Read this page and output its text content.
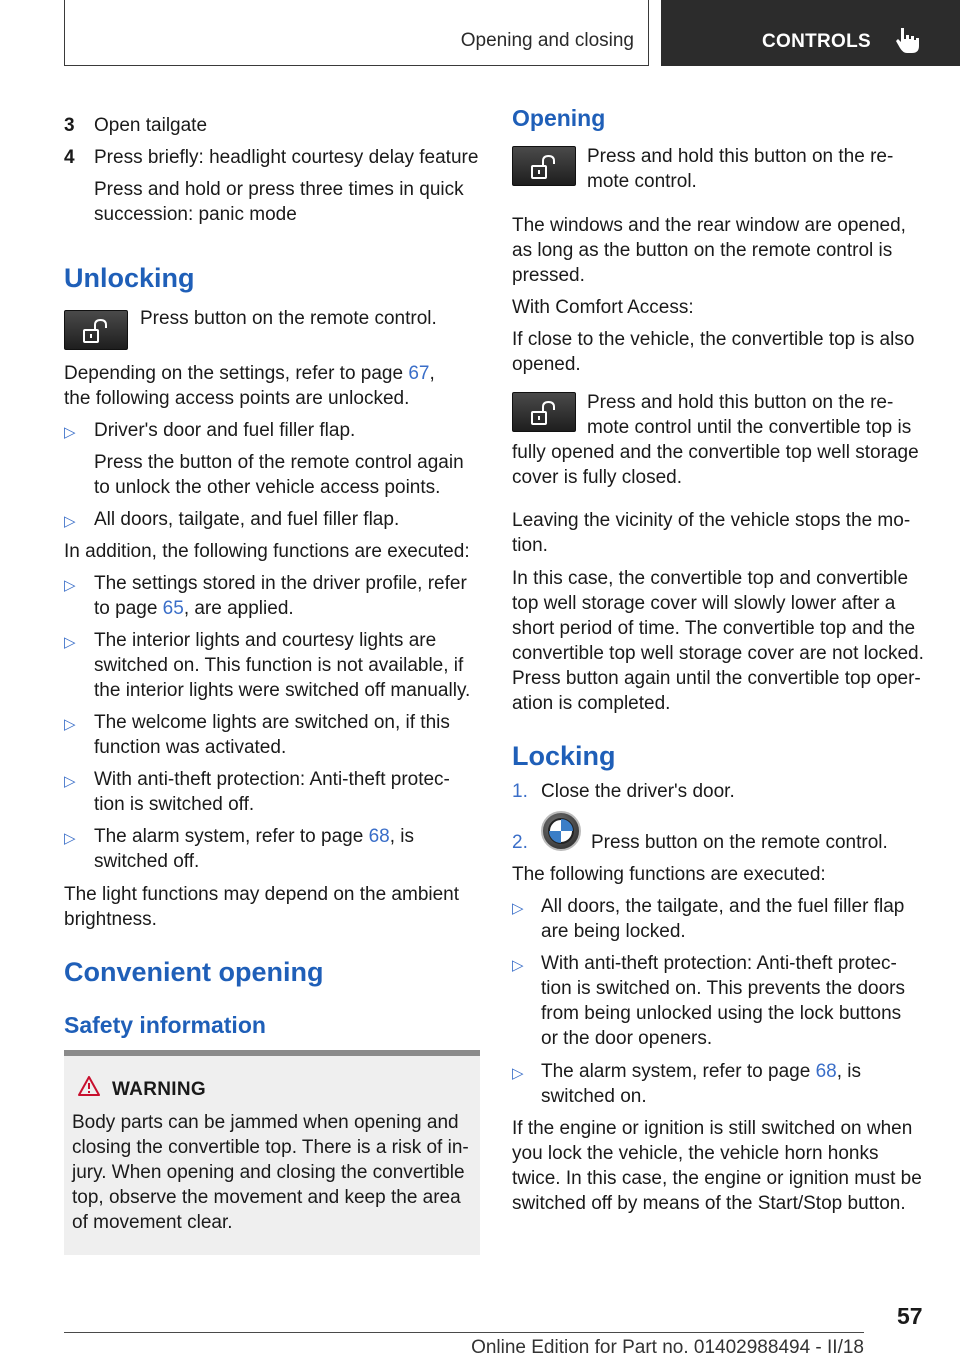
Opening and closing	CONTROLS
3 Open tailgate
4 Press briefly: headlight courtesy delay feature
Press and hold or press three times in quick
succession: panic mode
Unlocking
Press button on the remote control.
Depending on the settings, refer to page 67,
the following access points are unlocked.
▷ Driver's door and fuel filler flap.
Press the button of the remote control again
to unlock the other vehicle access points.
▷ All doors, tailgate, and fuel filler flap.
In addition, the following functions are executed:
▷ The settings stored in the driver profile, refer
to page 65, are applied.
▷ The interior lights and courtesy lights are
switched on. This function is not available, if
the interior lights were switched off manually.
▷ The welcome lights are switched on, if this
function was activated.
▷ With anti-theft protection: Anti-theft protec-
tion is switched off.
▷ The alarm system, refer to page 68, is
switched off.
The light functions may depend on the ambient
brightness.
Convenient opening
Safety information
WARNING
Body parts can be jammed when opening and
closing the convertible top. There is a risk of in-
jury. When opening and closing the convertible
top, observe the movement and keep the area
of movement clear.
Opening
Press and hold this button on the re-
mote control.
The windows and the rear window are opened,
as long as the button on the remote control is
pressed.
With Comfort Access:
If close to the vehicle, the convertible top is also
opened.
Press and hold this button on the re-
mote control until the convertible top is
fully opened and the convertible top well storage
cover is fully closed.
Leaving the vicinity of the vehicle stops the mo-
tion.
In this case, the convertible top and convertible
top well storage cover will slowly lower after a
short period of time. The convertible top and the
convertible top well storage cover are not locked.
Press button again until the convertible top oper-
ation is completed.
Locking
1. Close the driver's door.
2.	Press button on the remote control.
The following functions are executed:
▷ All doors, the tailgate, and the fuel filler flap
are being locked.
▷ With anti-theft protection: Anti-theft protec-
tion is switched on. This prevents the doors
from being unlocked using the lock buttons
or the door openers.
▷ The alarm system, refer to page 68, is
switched on.
If the engine or ignition is still switched on when
you lock the vehicle, the vehicle horn honks
twice. In this case, the engine or ignition must be
switched off by means of the Start/Stop button.
57
Online Edition for Part no. 01402988494 - II/18
